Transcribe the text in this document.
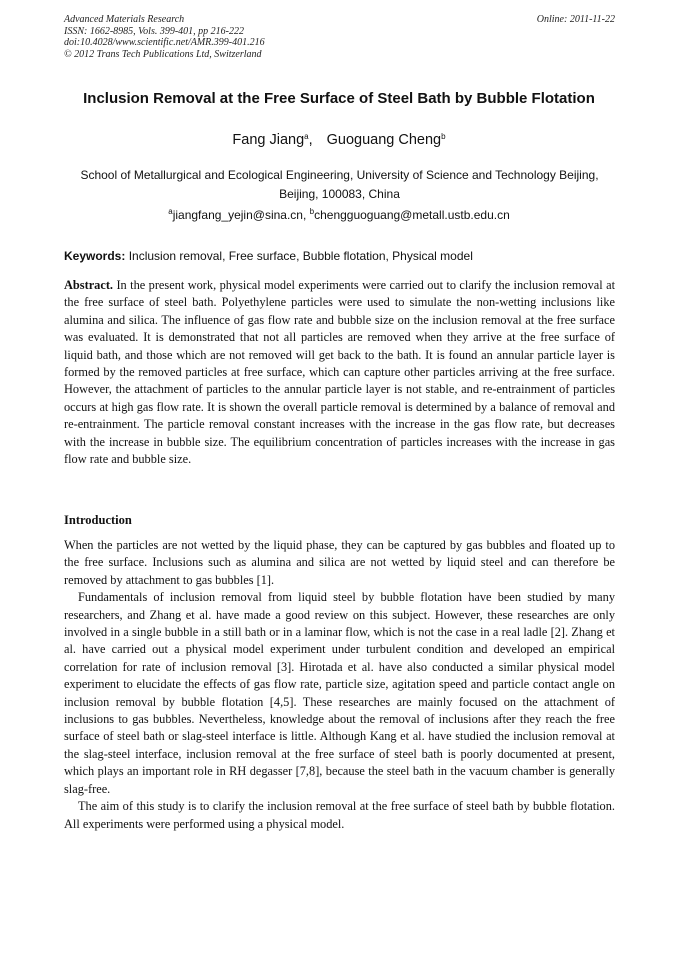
Advanced Materials Research
ISSN: 1662-8985, Vols. 399-401, pp 216-222
doi:10.4028/www.scientific.net/AMR.399-401.216
© 2012 Trans Tech Publications Ltd, Switzerland
Online: 2011-11-22
Inclusion Removal at the Free Surface of Steel Bath by Bubble Flotation
Fang Jiang$^a$, Guoguang Cheng$^b$
School of Metallurgical and Ecological Engineering, University of Science and Technology Beijing,
Beijing, 100083, China
$^a$jiangfang_yejin@sina.cn, $^b$chengguoguang@metall.ustb.edu.cn
Keywords: Inclusion removal, Free surface, Bubble flotation, Physical model
Abstract. In the present work, physical model experiments were carried out to clarify the inclusion removal at the free surface of steel bath. Polyethylene particles were used to simulate the non-wetting inclusions like alumina and silica. The influence of gas flow rate and bubble size on the inclusion removal at the free surface was evaluated. It is demonstrated that not all particles are removed when they arrive at the free surface of liquid bath, and those which are not removed will get back to the bath. It is found an annular particle layer is formed by the removed particles at free surface, which can capture other particles arriving at the free surface. However, the attachment of particles to the annular particle layer is not stable, and re-entrainment of particles occurs at high gas flow rate. It is shown the overall particle removal is determined by a balance of removal and re-entrainment. The particle removal constant increases with the increase in the gas flow rate, but decreases with the increase in bubble size. The equilibrium concentration of particles increases with the increase in gas flow rate and bubble size.
Introduction

When the particles are not wetted by the liquid phase, they can be captured by gas bubbles and floated up to the free surface. Inclusions such as alumina and silica are not wetted by liquid steel and can therefore be removed by attachment to gas bubbles [1].

Fundamentals of inclusion removal from liquid steel by bubble flotation have been studied by many researchers, and Zhang et al. have made a good review on this subject. However, these researches are only involved in a single bubble in a still bath or in a laminar flow, which is not the case in a real ladle [2]. Zhang et al. have carried out a physical model experiment under turbulent condition and developed an empirical correlation for rate of inclusion removal [3]. Hirotada et al. have also conducted a similar physical model experiment to elucidate the effects of gas flow rate, particle size, agitation speed and particle contact angle on inclusion removal by bubble flotation [4,5]. These researches are mainly focused on the attachment of inclusions to gas bubbles. Nevertheless, knowledge about the removal of inclusions after they reach the free surface of steel bath or slag-steel interface is little. Although Kang et al. have studied the inclusion removal at the slag-steel interface, inclusion removal at the free surface of steel bath is poorly documented at present, which plays an important role in RH degasser [7,8], because the steel bath in the vacuum chamber is generally slag-free.

The aim of this study is to clarify the inclusion removal at the free surface of steel bath by bubble flotation. All experiments were performed using a physical model.
